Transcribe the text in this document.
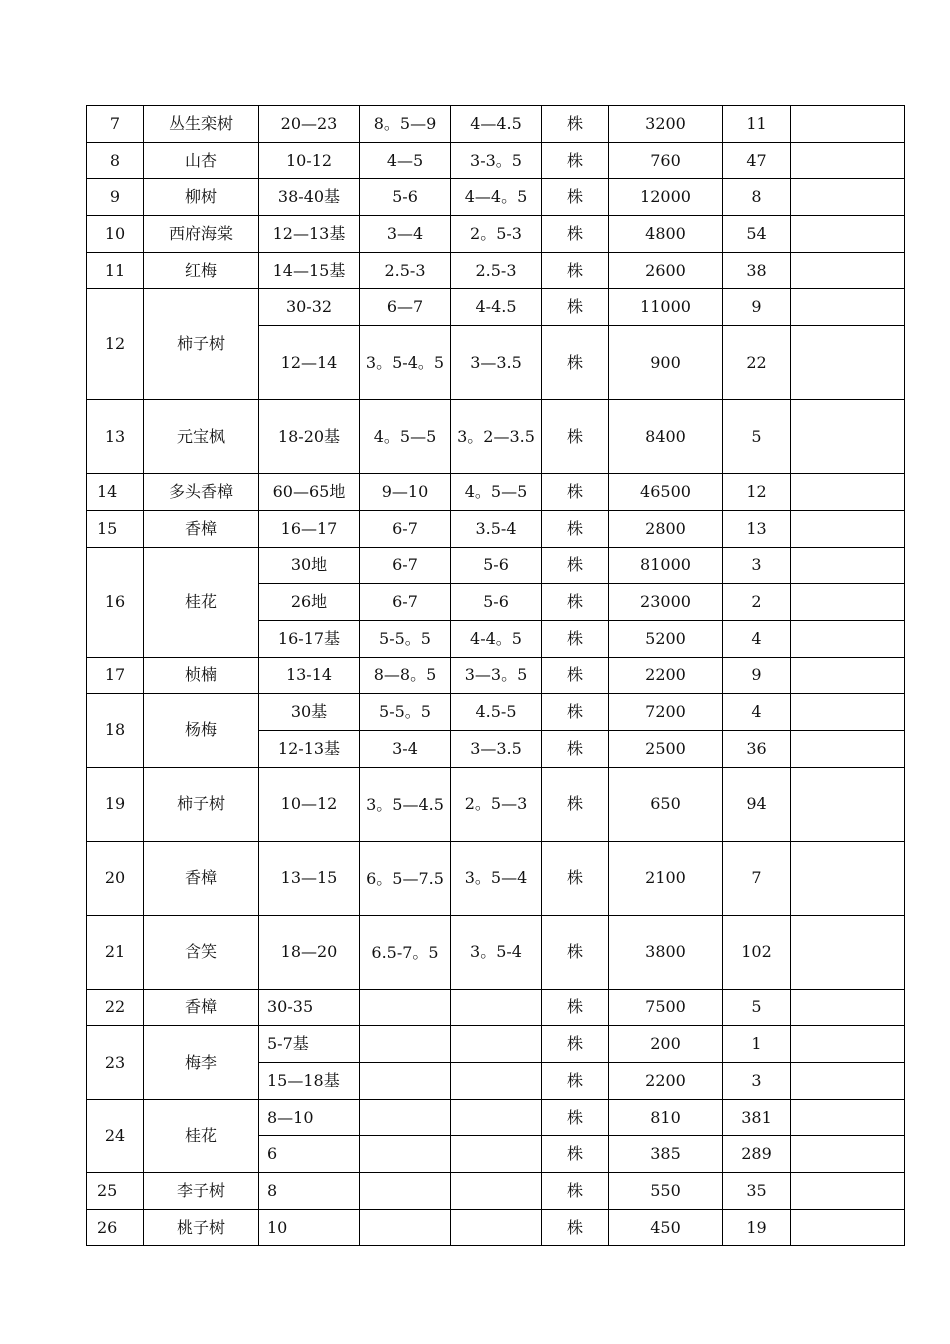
7	丛生栾树	20—23	8。5—9	4—4.5	株	3200	11	
8	山杏	10-12	4—5	3-3。5	株	760	47	
9	柳树	38-40基	5-6	4—4。5	株	12000	8	
10	西府海棠	12—13基	3—4	2。5-3	株	4800	54	
11	红梅	14—15基	2.5-3	2.5-3	株	2600	38	
12	柿子树	30-32	6—7	4-4.5	株	11000	9	
		12—14	3。5-4。5	3—3.5	株	900	22	
13	元宝枫	18-20基	4。5—5	3。2—3.5	株	8400	5	
14	多头香樟	60—65地	9—10	4。5—5	株	46500	12	
15	香樟	16—17	6-7	3.5-4	株	2800	13	
16	桂花	30地	6-7	5-6	株	81000	3	
		26地	6-7	5-6	株	23000	2	
		16-17基	5-5。5	4-4。5	株	5200	4	
17	桢楠	13-14	8—8。5	3—3。5	株	2200	9	
18	杨梅	30基	5-5。5	4.5-5	株	7200	4	
		12-13基	3-4	3—3.5	株	2500	36	
19	柿子树	10—12	3。5—4.5	2。5—3	株	650	94	
20	香樟	13—15	6。5—7.5	3。5—4	株	2100	7	
21	含笑	18—20	6.5-7。5	3。5-4	株	3800	102	
22	香樟	30-35			株	7500	5	
23	梅李	5-7基			株	200	1	
		15—18基			株	2200	3	
24	桂花	8—10			株	810	381	
		6			株	385	289	
25	李子树	8			株	550	35	
26	桃子树	10			株	450	19	
